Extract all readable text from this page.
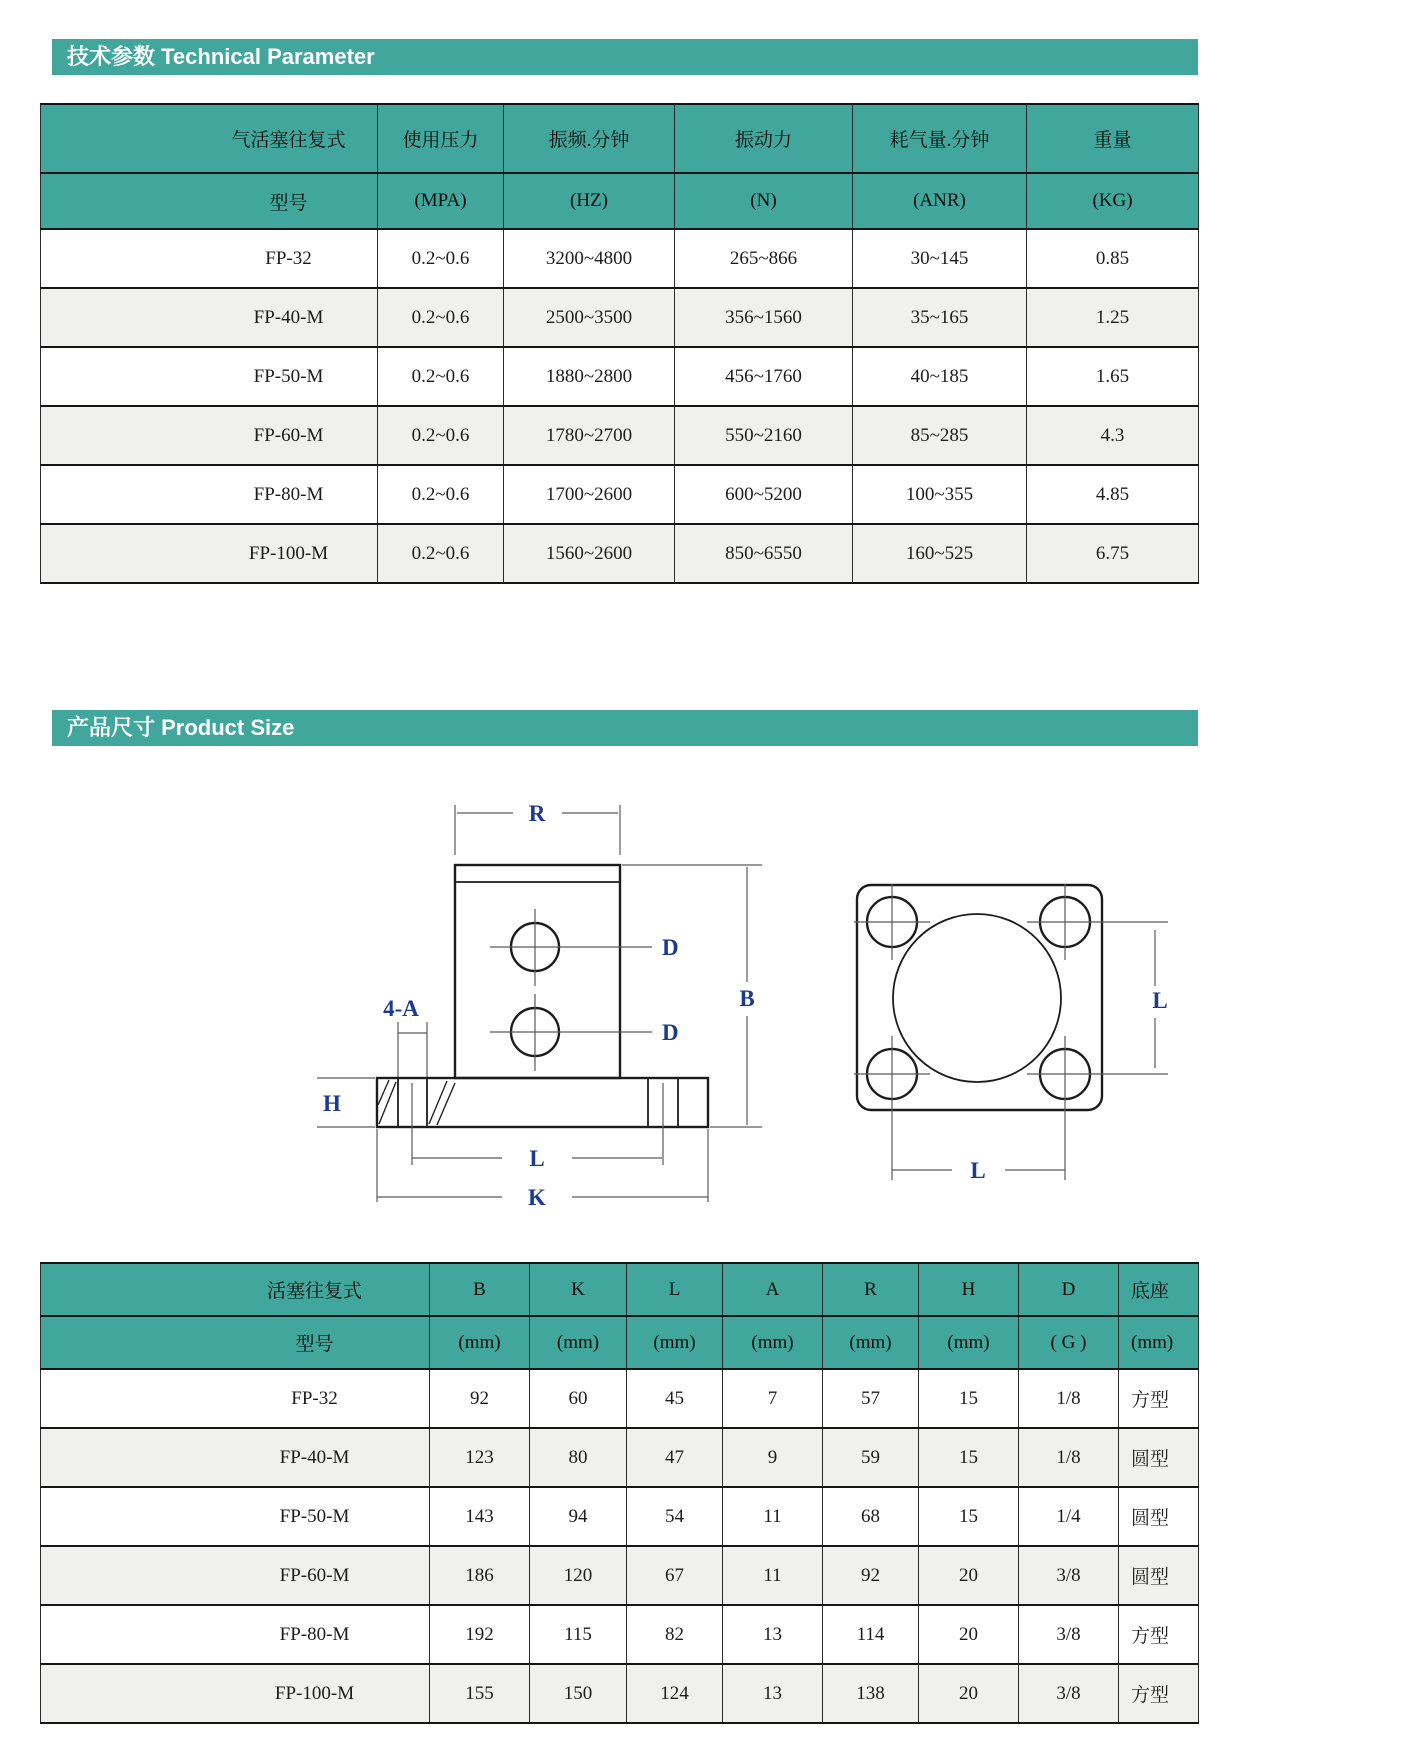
技术参数 Technical Parameter
气活塞往复式	使用压力	振频.分钟	振动力	耗气量.分钟	重量
型号	(MPA)	(HZ)	(N)	(ANR)	(KG)
FP-32	0.2~0.6	3200~4800	265~866	30~145	0.85
FP-40-M	0.2~0.6	2500~3500	356~1560	35~165	1.25
FP-50-M	0.2~0.6	1880~2800	456~1760	40~185	1.65
FP-60-M	0.2~0.6	1780~2700	550~2160	85~285	4.3
FP-80-M	0.2~0.6	1700~2600	600~5200	100~355	4.85
FP-100-M	0.2~0.6	1560~2600	850~6550	160~525	6.75
产品尺寸 Product Size
R
D
D
B
4-A
H
L
K
L
L
活塞往复式	B	K	L	A	R	H	D	底座
型号	(mm)	(mm)	(mm)	(mm)	(mm)	(mm)	( G )	(mm)
FP-32	92	60	45	7	57	15	1/8	方型
FP-40-M	123	80	47	9	59	15	1/8	圆型
FP-50-M	143	94	54	11	68	15	1/4	圆型
FP-60-M	186	120	67	11	92	20	3/8	圆型
FP-80-M	192	115	82	13	114	20	3/8	方型
FP-100-M	155	150	124	13	138	20	3/8	方型
